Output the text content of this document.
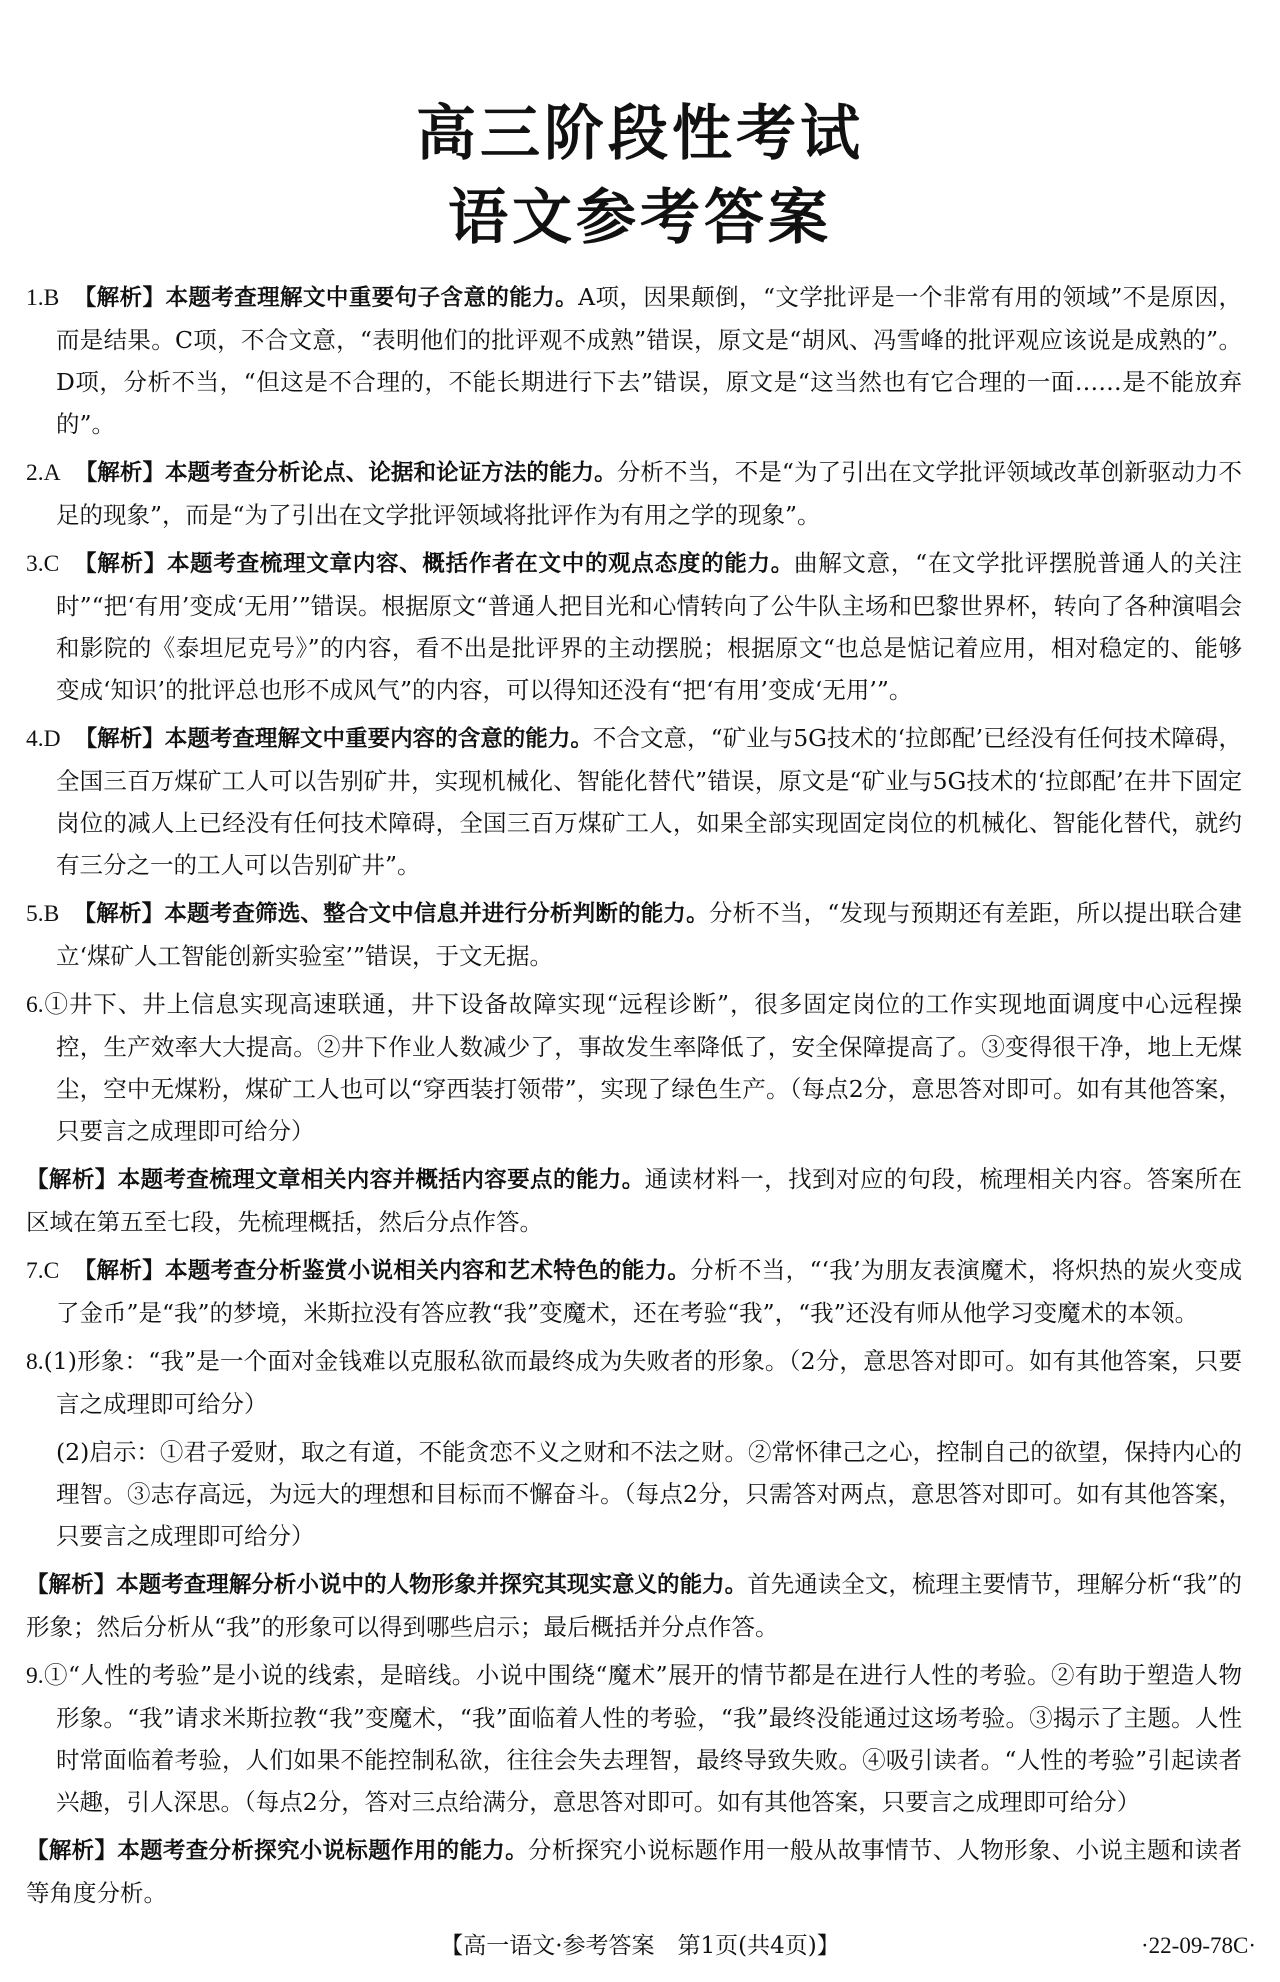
高三阶段性考试
语文参考答案

1.B 【解析】本题考查理解文中重要句子含意的能力。A项，因果颠倒，“文学批评是一个非常有用的领域”不是原因，而是结果。C项，不合文意，“表明他们的批评观不成熟”错误，原文是“胡风、冯雪峰的批评观应该说是成熟的”。D项，分析不当，“但这是不合理的，不能长期进行下去”错误，原文是“这当然也有它合理的一面……是不能放弃的”。

2.A 【解析】本题考查分析论点、论据和论证方法的能力。分析不当，不是“为了引出在文学批评领域改革创新驱动力不足的现象”，而是“为了引出在文学批评领域将批评作为有用之学的现象”。

3.C 【解析】本题考查梳理文章内容、概括作者在文中的观点态度的能力。曲解文意，“在文学批评摆脱普通人的关注时”“把‘有用’变成‘无用’”错误。根据原文“普通人把目光和心情转向了公牛队主场和巴黎世界杯，转向了各种演唱会和影院的《泰坦尼克号》”的内容，看不出是批评界的主动摆脱；根据原文“也总是惦记着应用，相对稳定的、能够变成‘知识’的批评总也形不成风气”的内容，可以得知还没有“把‘有用’变成‘无用’”。

4.D 【解析】本题考查理解文中重要内容的含意的能力。不合文意，“矿业与5G技术的‘拉郎配’已经没有任何技术障碍，全国三百万煤矿工人可以告别矿井，实现机械化、智能化替代”错误，原文是“矿业与5G技术的‘拉郎配’在井下固定岗位的减人上已经没有任何技术障碍，全国三百万煤矿工人，如果全部实现固定岗位的机械化、智能化替代，就约有三分之一的工人可以告别矿井”。

5.B 【解析】本题考查筛选、整合文中信息并进行分析判断的能力。分析不当，“发现与预期还有差距，所以提出联合建立‘煤矿人工智能创新实验室’”错误，于文无据。

6.①井下、井上信息实现高速联通，井下设备故障实现“远程诊断”，很多固定岗位的工作实现地面调度中心远程操控，生产效率大大提高。②井下作业人数减少了，事故发生率降低了，安全保障提高了。③变得很干净，地上无煤尘，空中无煤粉，煤矿工人也可以“穿西装打领带”，实现了绿色生产。（每点2分，意思答对即可。如有其他答案，只要言之成理即可给分）

【解析】本题考查梳理文章相关内容并概括内容要点的能力。通读材料一，找到对应的句段，梳理相关内容。答案所在区域在第五至七段，先梳理概括，然后分点作答。

7.C 【解析】本题考查分析鉴赏小说相关内容和艺术特色的能力。分析不当，“‘我’为朋友表演魔术，将炽热的炭火变成了金币”是“我”的梦境，米斯拉没有答应教“我”变魔术，还在考验“我”，“我”还没有师从他学习变魔术的本领。

8.(1)形象：“我”是一个面对金钱难以克服私欲而最终成为失败者的形象。（2分，意思答对即可。如有其他答案，只要言之成理即可给分）

(2)启示：①君子爱财，取之有道，不能贪恋不义之财和不法之财。②常怀律己之心，控制自己的欲望，保持内心的理智。③志存高远，为远大的理想和目标而不懈奋斗。（每点2分，只需答对两点，意思答对即可。如有其他答案，只要言之成理即可给分）

【解析】本题考查理解分析小说中的人物形象并探究其现实意义的能力。首先通读全文，梳理主要情节，理解分析“我”的形象；然后分析从“我”的形象可以得到哪些启示；最后概括并分点作答。

9.①“人性的考验”是小说的线索，是暗线。小说中围绕“魔术”展开的情节都是在进行人性的考验。②有助于塑造人物形象。“我”请求米斯拉教“我”变魔术，“我”面临着人性的考验，“我”最终没能通过这场考验。③揭示了主题。人性时常面临着考验，人们如果不能控制私欲，往往会失去理智，最终导致失败。④吸引读者。“人性的考验”引起读者兴趣，引人深思。（每点2分，答对三点给满分，意思答对即可。如有其他答案，只要言之成理即可给分）

【解析】本题考查分析探究小说标题作用的能力。分析探究小说标题作用一般从故事情节、人物形象、小说主题和读者等角度分析。

【高一语文·参考答案　第1页(共4页)】	·22-09-78C·
